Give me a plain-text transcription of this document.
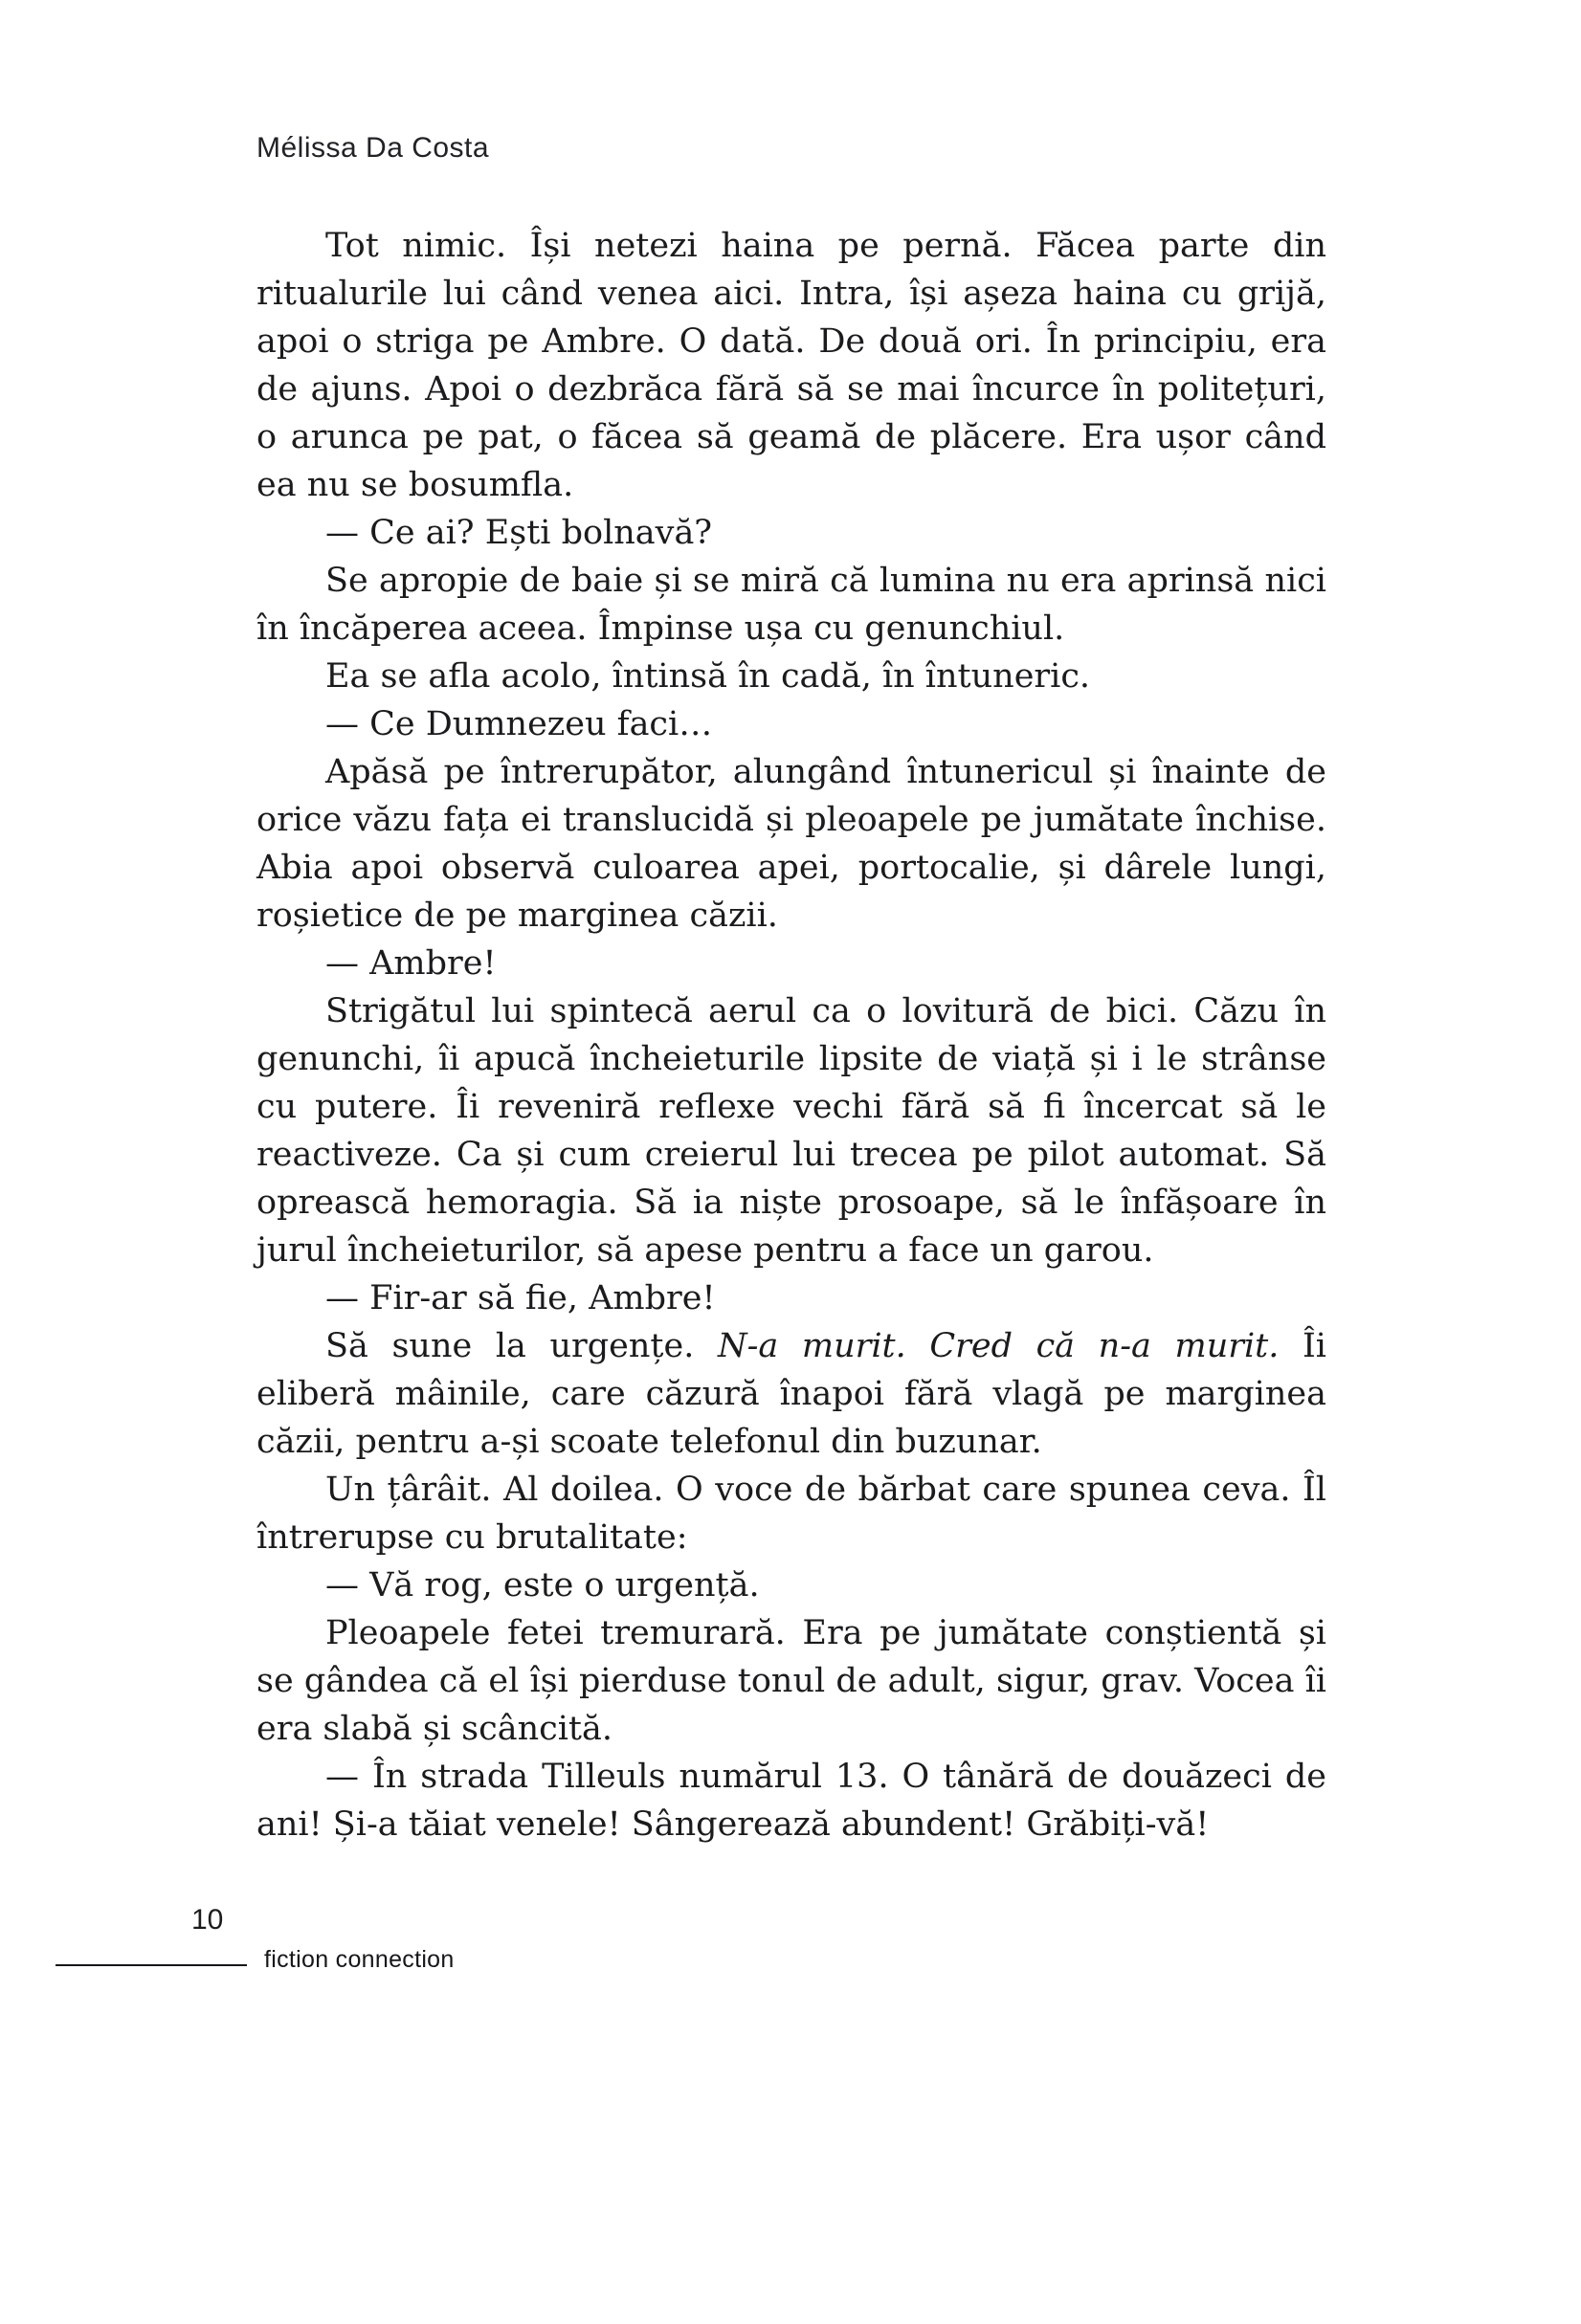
Mélissa Da Costa

Tot nimic. Își netezi haina pe pernă. Făcea parte din ritualurile lui când venea aici. Intra, își așeza haina cu grijă, apoi o striga pe Ambre. O dată. De două ori. În principiu, era de ajuns. Apoi o dezbrăca fără să se mai încurce în politețuri, o arunca pe pat, o făcea să geamă de plăcere. Era ușor când ea nu se bosumfla.

— Ce ai? Ești bolnavă?

Se apropie de baie și se miră că lumina nu era aprinsă nici în încăperea aceea. Împinse ușa cu genunchiul.

Ea se afla acolo, întinsă în cadă, în întuneric.

— Ce Dumnezeu faci…

Apăsă pe întrerupător, alungând întunericul și înainte de orice văzu fața ei translucidă și pleoapele pe jumătate închise. Abia apoi observă culoarea apei, portocalie, și dârele lungi, roșietice de pe marginea căzii.

— Ambre!

Strigătul lui spintecă aerul ca o lovitură de bici. Căzu în genunchi, îi apucă încheieturile lipsite de viață și i le strânse cu putere. Îi reveniră reflexe vechi fără să fi încercat să le reactiveze. Ca și cum creierul lui trecea pe pilot automat. Să oprească hemoragia. Să ia niște prosoape, să le înfășoare în jurul încheieturilor, să apese pentru a face un garou.

— Fir-ar să fie, Ambre!

Să sune la urgențe. N-a murit. Cred că n-a murit. Îi eliberă mâinile, care căzură înapoi fără vlagă pe marginea căzii, pentru a-și scoate telefonul din buzunar.

Un țârâit. Al doilea. O voce de bărbat care spunea ceva. Îl întrerupse cu brutalitate:

— Vă rog, este o urgență.

Pleoapele fetei tremurară. Era pe jumătate conștientă și se gândea că el își pierduse tonul de adult, sigur, grav. Vocea îi era slabă și scâncită.

— În strada Tilleuls numărul 13. O tânără de douăzeci de ani! Și-a tăiat venele! Sângerează abundent! Grăbiți-vă!

10
fiction connection
